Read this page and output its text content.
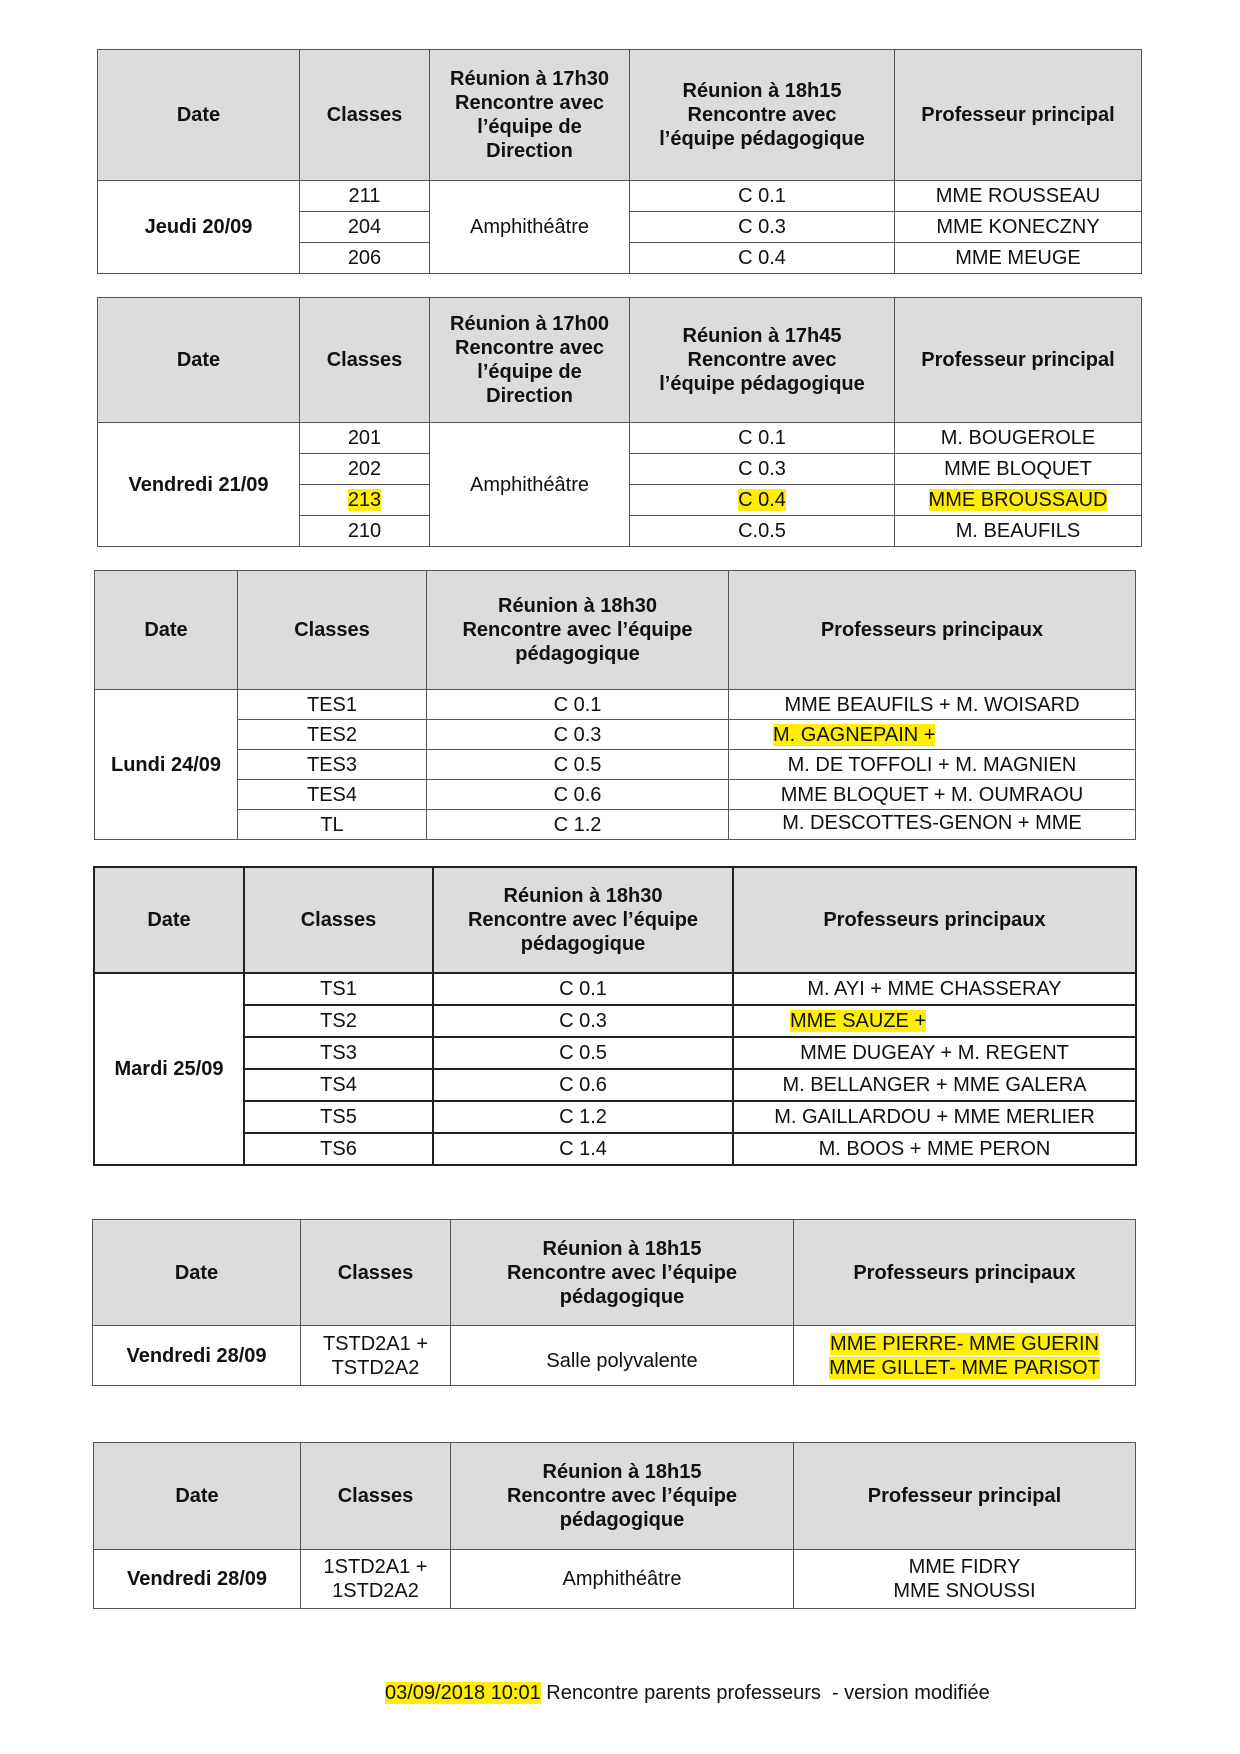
Date	Classes	Réunion à 17h30
Rencontre avec
l’équipe de
Direction	Réunion à 18h15
Rencontre avec
l’équipe pédagogique	Professeur principal
Jeudi 20/09	211	Amphithéâtre	C 0.1	MME ROUSSEAU
	204		C 0.3	MME KONECZNY
	206		C 0.4	MME MEUGE
Date	Classes	Réunion à 17h00
Rencontre avec
l’équipe de
Direction	Réunion à 17h45
Rencontre avec
l’équipe pédagogique	Professeur principal
Vendredi 21/09	201	Amphithéâtre	C 0.1	M. BOUGEROLE
	202		C 0.3	MME BLOQUET
	213		C 0.4	MME BROUSSAUD
	210		C.0.5	M. BEAUFILS
Date	Classes	Réunion à 18h30
Rencontre avec l’équipe
pédagogique	Professeurs principaux
Lundi 24/09	TES1	C 0.1	MME BEAUFILS + M. WOISARD
	TES2	C 0.3	M. GAGNEPAIN +
	TES3	C 0.5	M. DE TOFFOLI + M. MAGNIEN
	TES4	C 0.6	MME BLOQUET + M. OUMRAOU
	TL	C 1.2	M. DESCOTTES-GENON + MME
Date	Classes	Réunion à 18h30
Rencontre avec l’équipe
pédagogique	Professeurs principaux
Mardi 25/09	TS1	C 0.1	M. AYI + MME CHASSERAY
	TS2	C 0.3	MME SAUZE +
	TS3	C 0.5	MME DUGEAY + M. REGENT
	TS4	C 0.6	M. BELLANGER + MME GALERA
	TS5	C 1.2	M. GAILLARDOU + MME MERLIER
	TS6	C 1.4	M. BOOS + MME PERON
Date	Classes	Réunion à 18h15
Rencontre avec l’équipe
pédagogique	Professeurs principaux
Vendredi 28/09	TSTD2A1 +
TSTD2A2	Salle polyvalente	MME PIERRE- MME GUERIN
MME GILLET- MME PARISOT
Date	Classes	Réunion à 18h15
Rencontre avec l’équipe
pédagogique	Professeur principal
Vendredi 28/09	1STD2A1 +
1STD2A2	Amphithéâtre	MME FIDRY
MME SNOUSSI
03/09/2018 10:01 Rencontre parents professeurs  - version modifiée
